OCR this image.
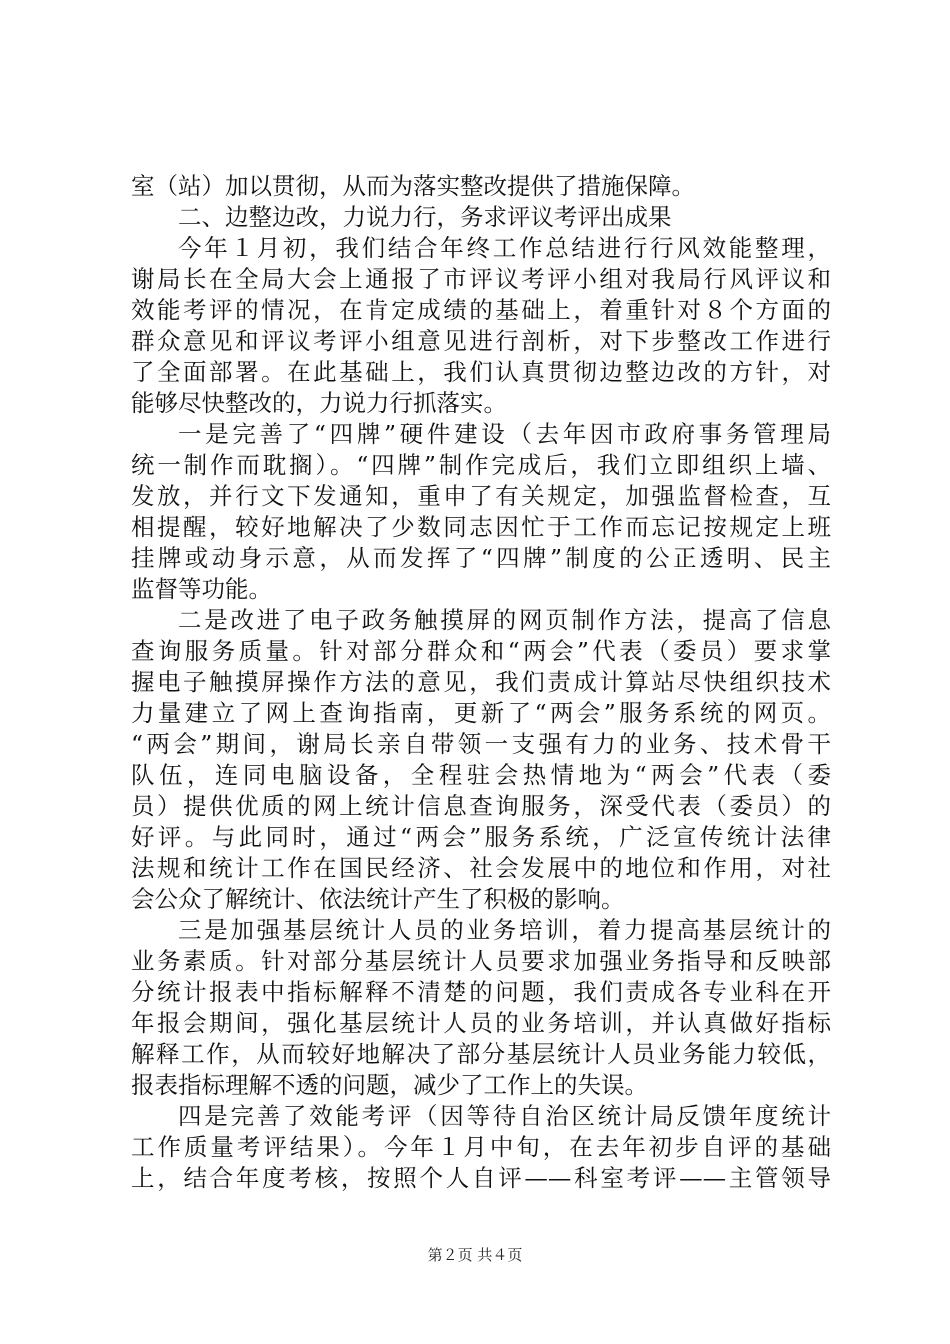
室（站）加以贯彻，从而为落实整改提供了措施保障。
二、边整边改，力说力行，务求评议考评出成果
今年１月初，我们结合年终工作总结进行行风效能整理，
谢局长在全局大会上通报了市评议考评小组对我局行风评议和
效能考评的情况，在肯定成绩的基础上，着重针对８个方面的
群众意见和评议考评小组意见进行剖析，对下步整改工作进行
了全面部署。在此基础上，我们认真贯彻边整边改的方针，对
能够尽快整改的，力说力行抓落实。
一是完善了“四牌”硬件建设（去年因市政府事务管理局
统一制作而耽搁）。“四牌”制作完成后，我们立即组织上墙、
发放，并行文下发通知，重申了有关规定，加强监督检查，互
相提醒，较好地解决了少数同志因忙于工作而忘记按规定上班
挂牌或动身示意，从而发挥了“四牌”制度的公正透明、民主
监督等功能。
二是改进了电子政务触摸屏的网页制作方法，提高了信息
查询服务质量。针对部分群众和“两会”代表（委员）要求掌
握电子触摸屏操作方法的意见，我们责成计算站尽快组织技术
力量建立了网上查询指南，更新了“两会”服务系统的网页。
“两会”期间，谢局长亲自带领一支强有力的业务、技术骨干
队伍，连同电脑设备，全程驻会热情地为“两会”代表（委
员）提供优质的网上统计信息查询服务，深受代表（委员）的
好评。与此同时，通过“两会”服务系统，广泛宣传统计法律
法规和统计工作在国民经济、社会发展中的地位和作用，对社
会公众了解统计、依法统计产生了积极的影响。
三是加强基层统计人员的业务培训，着力提高基层统计的
业务素质。针对部分基层统计人员要求加强业务指导和反映部
分统计报表中指标解释不清楚的问题，我们责成各专业科在开
年报会期间，强化基层统计人员的业务培训，并认真做好指标
解释工作，从而较好地解决了部分基层统计人员业务能力较低，
报表指标理解不透的问题，减少了工作上的失误。
四是完善了效能考评（因等待自治区统计局反馈年度统计
工作质量考评结果）。今年１月中旬，在去年初步自评的基础
上，结合年度考核，按照个人自评——科室考评——主管领导
第２页 共４页
